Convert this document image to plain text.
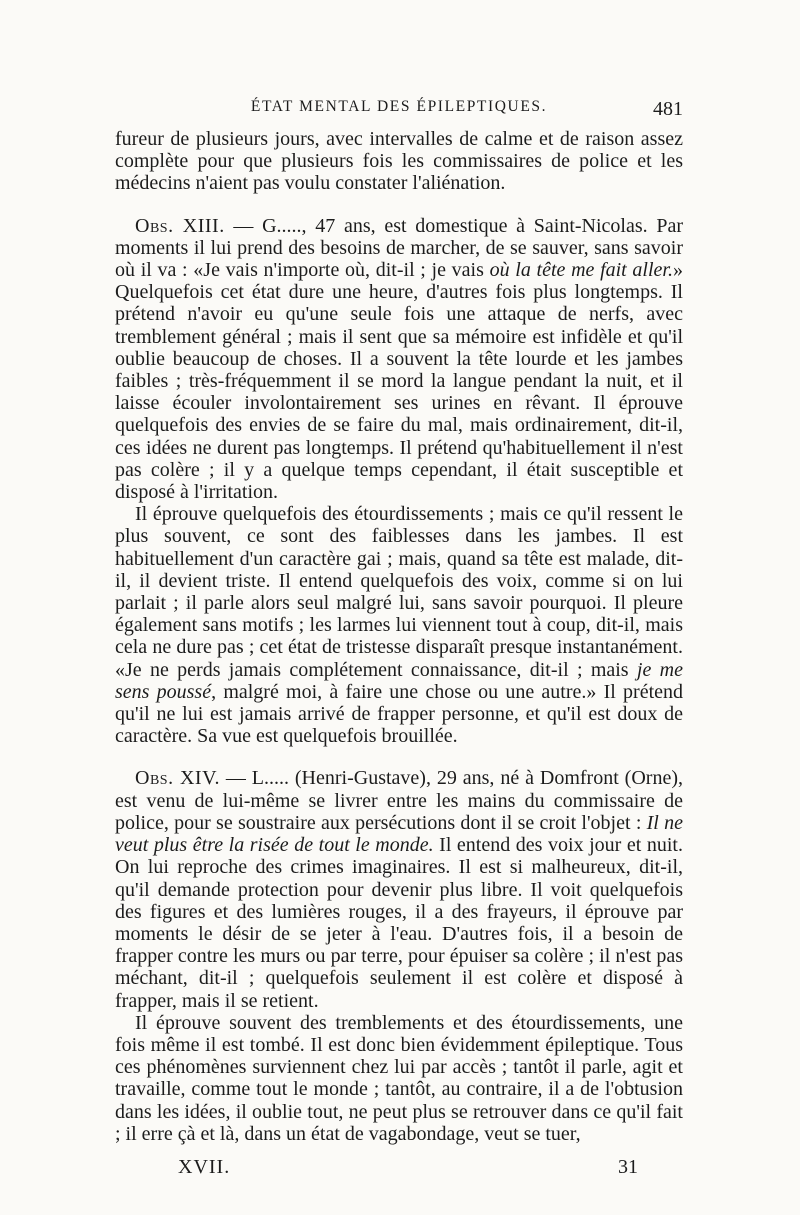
ÉTAT MENTAL DES ÉPILEPTIQUES.	481

fureur de plusieurs jours, avec intervalles de calme et de raison assez complète pour que plusieurs fois les commissaires de police et les médecins n'aient pas voulu constater l'aliénation.

Obs. XIII. — G....., 47 ans, est domestique à Saint-Nicolas. Par moments il lui prend des besoins de marcher, de se sauver, sans savoir où il va : «Je vais n'importe où, dit-il ; je vais où la tête me fait aller.» Quelquefois cet état dure une heure, d'autres fois plus longtemps. Il prétend n'avoir eu qu'une seule fois une attaque de nerfs, avec tremblement général ; mais il sent que sa mémoire est infidèle et qu'il oublie beaucoup de choses. Il a souvent la tête lourde et les jambes faibles ; très-fréquemment il se mord la langue pendant la nuit, et il laisse écouler involontairement ses urines en rêvant. Il éprouve quelquefois des envies de se faire du mal, mais ordinairement, dit-il, ces idées ne durent pas longtemps. Il prétend qu'habituellement il n'est pas colère ; il y a quelque temps cependant, il était susceptible et disposé à l'irritation.

Il éprouve quelquefois des étourdissements ; mais ce qu'il ressent le plus souvent, ce sont des faiblesses dans les jambes. Il est habituellement d'un caractère gai ; mais, quand sa tête est malade, dit-il, il devient triste. Il entend quelquefois des voix, comme si on lui parlait ; il parle alors seul malgré lui, sans savoir pourquoi. Il pleure également sans motifs ; les larmes lui viennent tout à coup, dit-il, mais cela ne dure pas ; cet état de tristesse disparaît presque instantanément. «Je ne perds jamais complétement connaissance, dit-il ; mais je me sens poussé, malgré moi, à faire une chose ou une autre.» Il prétend qu'il ne lui est jamais arrivé de frapper personne, et qu'il est doux de caractère. Sa vue est quelquefois brouillée.

Obs. XIV. — L..... (Henri-Gustave), 29 ans, né à Domfront (Orne), est venu de lui-même se livrer entre les mains du commissaire de police, pour se soustraire aux persécutions dont il se croit l'objet : Il ne veut plus être la risée de tout le monde. Il entend des voix jour et nuit. On lui reproche des crimes imaginaires. Il est si malheureux, dit-il, qu'il demande protection pour devenir plus libre. Il voit quelquefois des figures et des lumières rouges, il a des frayeurs, il éprouve par moments le désir de se jeter à l'eau. D'autres fois, il a besoin de frapper contre les murs ou par terre, pour épuiser sa colère ; il n'est pas méchant, dit-il ; quelquefois seulement il est colère et disposé à frapper, mais il se retient.

Il éprouve souvent des tremblements et des étourdissements, une fois même il est tombé. Il est donc bien évidemment épileptique. Tous ces phénomènes surviennent chez lui par accès ; tantôt il parle, agit et travaille, comme tout le monde ; tantôt, au contraire, il a de l'obtusion dans les idées, il oublie tout, ne peut plus se retrouver dans ce qu'il fait ; il erre çà et là, dans un état de vagabondage, veut se tuer,

XVII.	31
